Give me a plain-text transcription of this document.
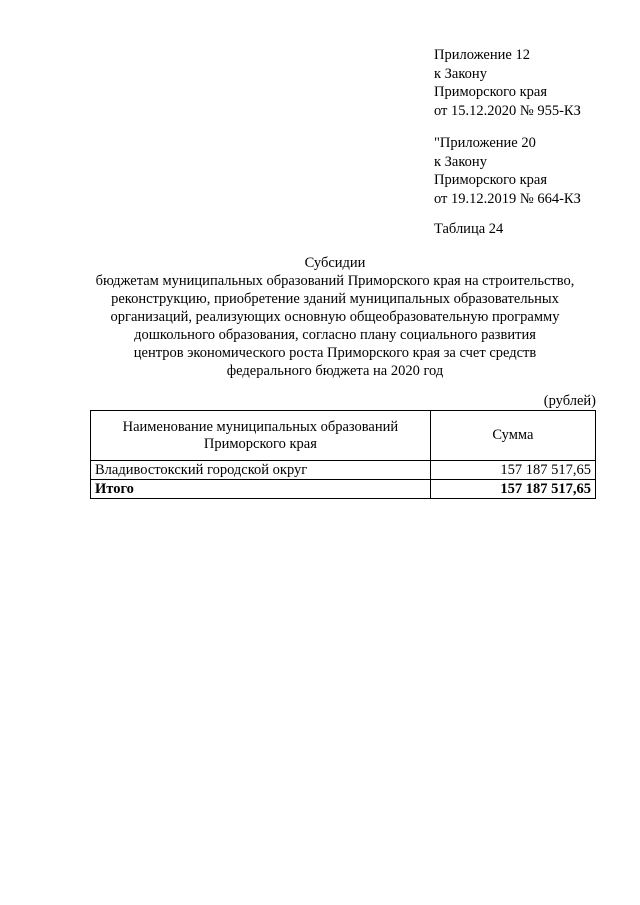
Приложение 12
к Закону
Приморского края
от 15.12.2020 № 955-КЗ
"Приложение 20
к Закону
Приморского края
от 19.12.2019 № 664-КЗ
Таблица 24
Субсидии
бюджетам муниципальных образований Приморского края на строительство,
реконструкцию, приобретение зданий муниципальных образовательных
организаций, реализующих основную общеобразовательную программу
дошкольного образования, согласно плану социального развития
центров экономического роста Приморского края за счет средств
федерального бюджета на 2020 год
(рублей)
Наименование муниципальных образований
Приморского края	Сумма
Владивостокский городской округ	157 187 517,65
Итого	157 187 517,65
